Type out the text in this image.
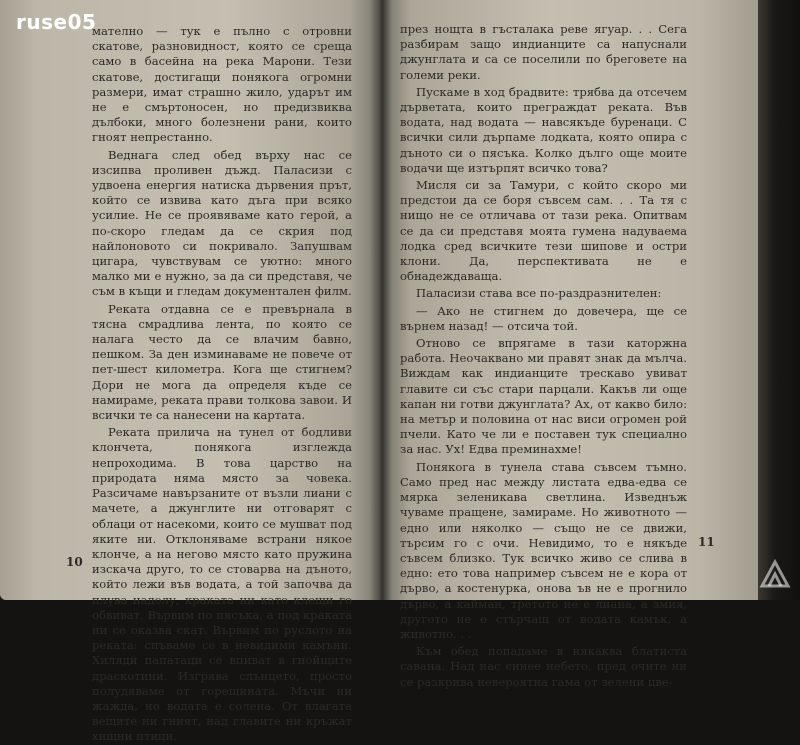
мателно — тук е пълно с отровни скатове, разновидност, която се среща само в басейна на река Марони. Тези скатове, достигащи понякога огромни размери, имат страшно жило, ударът им не е смъртоносен, но предизвиква дълбоки, много болезнени рани, които гноят непрестанно.

Веднага след обед върху нас се изсипва проливен дъжд. Паласизи с удвоена енергия натиска дървения прът, който се извива като дъга при всяко усилие. Не се проявяваме като герой, а по-скоро гледам да се скрия под найлоновото си покривало. Запушвам цигара, чувствувам се уютно: много малко ми е нужно, за да си представя, че съм в къщи и гледам документален филм.

Реката отдавна се е превърнала в тясна смрадлива лента, по която се налага често да се влачим бавно, пешком. За ден изминаваме не повече от пет-шест километра. Кога ще стигнем? Дори не мога да определя къде се намираме, реката прави толкова завои. И всички те са нанесени на картата.

Реката прилича на тунел от бодливи клончета, понякога изглежда непроходима. В това царство на природата няма място за човека. Разсичаме навързаните от възли лиани с мачете, а джунглите ни отговарят с облаци от насекоми, които се мушват под яките ни. Отклоняваме встрани някое клонче, а на негово място като пружина изскача друго, то се стоварва на дъното, който лежи във водата, а той започва да плува надолу, краката ни като клещи го обвиват. Вървим по пясъка, а под краката ни се оказва скат. Вървим по руслото на реката: спъваме се в невидими камъни. Хиляди папатаци се впиват в гнойщите драскотини. Изгрява слънцето, просто полудяваме от горещината. Мъчи ни жажда, но водата е солена. От влагата вещите ни гният, над главите ни кръжат хищни птици.

10

през нощта в гъсталака реве ягуар. . . Сега разбирам защо индианците са напуснали джунглата и са се поселили по бреговете на големи реки.

Пускаме в ход брадвите: трябва да отсечем дърветата, които преграждат реката. Във водата, над водата — навсякъде буренаци. С всички сили дърпаме лодката, която опира с дъното си о пясъка. Колко дълго още моите водачи ще изтърпят всичко това?

Мисля си за Тамури, с който скоро ми предстои да се боря съвсем сам. . . Та тя с нищо не се отличава от тази река. Опитвам се да си представя моята гумена надуваема лодка сред всичките тези шипове и остри клони. Да, перспективата не е обнадеждаваща.

Паласизи става все по-раздразнителен:

— Ако не стигнем до довечера, ще се върнем назад! — отсича той.

Отново се впрягаме в тази каторжна работа. Неочаквано ми правят знак да мълча. Виждам как индианците трескаво увиват главите си със стари парцали. Какъв ли още капан ни готви джунглата? Ах, от какво било: на метър и половина от нас виси огромен рой пчели. Като че ли е поставен тук специално за нас. Ух! Едва преминахме!

Понякога в тунела става съвсем тъмно. Само пред нас между листата едва-едва се мярка зеленикава светлина. Изведнъж чуваме пращене, замираме. Но животното — едно или няколко — също не се движи, търсим го с очи. Невидимо, то е някъде съвсем близко. Тук всичко живо се слива в едно: ето това например съвсем не е кора от дърво, а костенурка, онова ъв не е прогнило дърво, а кайман, третото не е лиана, а змия, другото не е стърчащ от водата камък, а животно. . .

Към обед попадаме в някаква блатиста савана. Над нас синее небето, пред очите ни се разкрива невероятна гама от зелени цве-

11
ruse05
